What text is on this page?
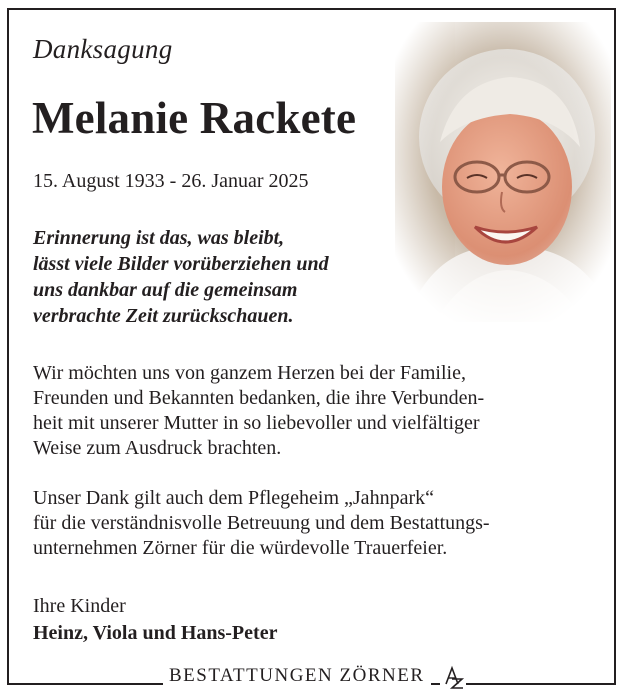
Danksagung
Melanie Rackete
15. August 1933 - 26. Januar 2025
Erinnerung ist das, was bleibt,
lässt viele Bilder vorüberziehen und
uns dankbar auf die gemeinsam
verbrachte Zeit zurückschauen.
Wir möchten uns von ganzem Herzen bei der Familie,
Freunden und Bekannten bedanken, die ihre Verbunden-
heit mit unserer Mutter in so liebevoller und vielfältiger
Weise zum Ausdruck brachten.
Unser Dank gilt auch dem Pflegeheim „Jahnpark“
für die verständnisvolle Betreuung und dem Bestattungs-
unternehmen Zörner für die würdevolle Trauerfeier.
Ihre Kinder
Heinz, Viola und Hans-Peter
BESTATTUNGEN ZÖRNER
